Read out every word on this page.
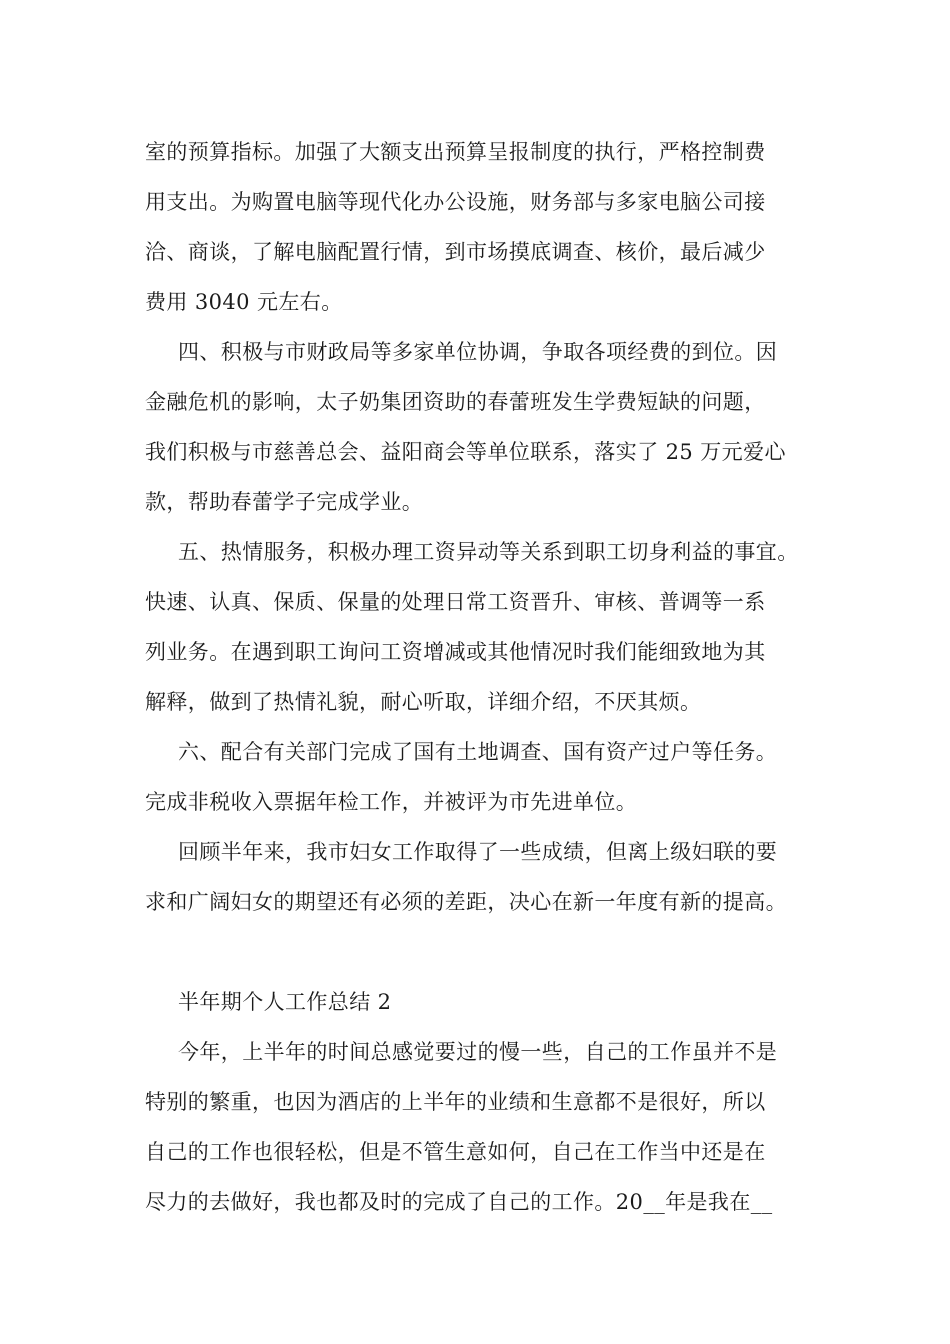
室的预算指标。加强了大额支出预算呈报制度的执行，严格控制费
用支出。为购置电脑等现代化办公设施，财务部与多家电脑公司接
洽、商谈，了解电脑配置行情，到市场摸底调查、核价，最后减少
费用 3040 元左右。
四、积极与市财政局等多家单位协调，争取各项经费的到位。因
金融危机的影响，太子奶集团资助的春蕾班发生学费短缺的问题，
我们积极与市慈善总会、益阳商会等单位联系，落实了 25 万元爱心
款，帮助春蕾学子完成学业。
五、热情服务，积极办理工资异动等关系到职工切身利益的事宜。
快速、认真、保质、保量的处理日常工资晋升、审核、普调等一系
列业务。在遇到职工询问工资增减或其他情况时我们能细致地为其
解释，做到了热情礼貌，耐心听取，详细介绍，不厌其烦。
六、配合有关部门完成了国有土地调查、国有资产过户等任务。
完成非税收入票据年检工作，并被评为市先进单位。
回顾半年来，我市妇女工作取得了一些成绩，但离上级妇联的要
求和广阔妇女的期望还有必须的差距，决心在新一年度有新的提高。
半年期个人工作总结 2
今年，上半年的时间总感觉要过的慢一些，自己的工作虽并不是
特别的繁重，也因为酒店的上半年的业绩和生意都不是很好，所以
自己的工作也很轻松，但是不管生意如何，自己在工作当中还是在
尽力的去做好，我也都及时的完成了自己的工作。20__年是我在__
